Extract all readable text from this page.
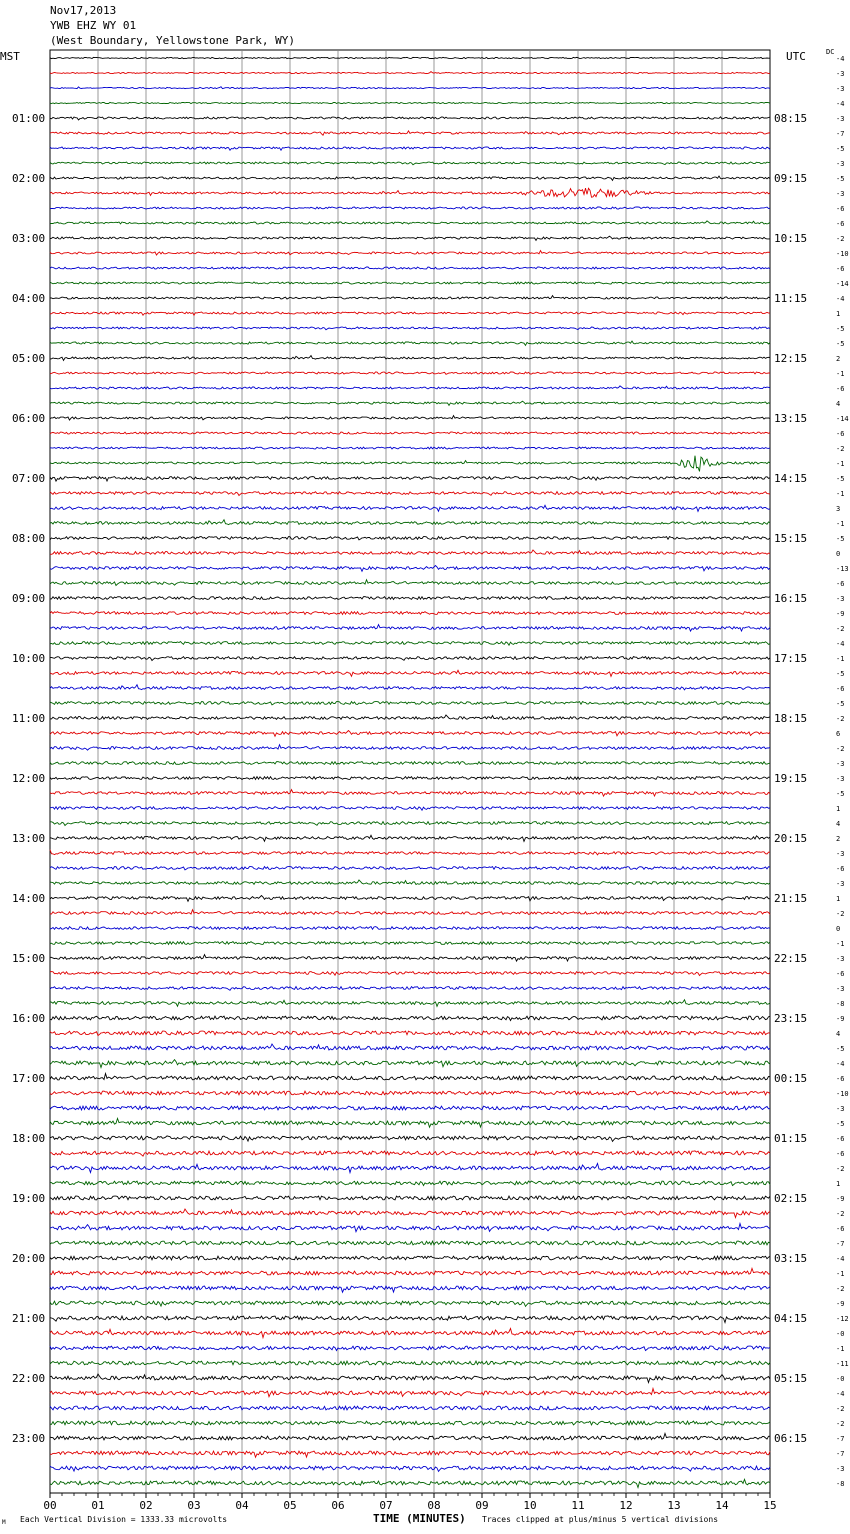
Nov17,2013
YWB EHZ WY 01
(West Boundary, Yellowstone Park, WY)
MST	UTC	DC
01:00
02:00
03:00
04:00
05:00
06:00
07:00
08:00
09:00
10:00
11:00
12:00
13:00
14:00
15:00
16:00
17:00
18:00
19:00
20:00
21:00
22:00
23:00
08:15
09:15
10:15
11:15
12:15
13:15
14:15
15:15
16:15
17:15
18:15
19:15
20:15
21:15
22:15
23:15
00:15
01:15
02:15
03:15
04:15
05:15
06:15
-4
-3
-3
-4
-3
-7
-5
-3
-5
-3
-6
-6
-2
-10
-6
-14
-4
1
-5
-5
2
-1
-6
4
-14
-6
-2
-1
-5
-1
3
-1
-5
0
-13
-6
-3
-9
-2
-4
-1
-5
-6
-5
-2
6
-2
-3
-3
-5
1
4
2
-3
-6
-3
1
-2
0
-1
-3
-6
-3
-8
-9
4
-5
-4
-6
-10
-3
-5
-6
-6
-2
1
-9
-2
-6
-7
-4
-1
-2
-9
-12
-0
-1
-11
-0
-4
-2
-2
-7
-7
-3
-8
00	01	02	03	04	05	06	07	08	09	10	11	12	13	14	15
M Each Vertical Division = 1333.33 microvolts	TIME (MINUTES) Traces clipped at plus/minus 5 vertical divisions
